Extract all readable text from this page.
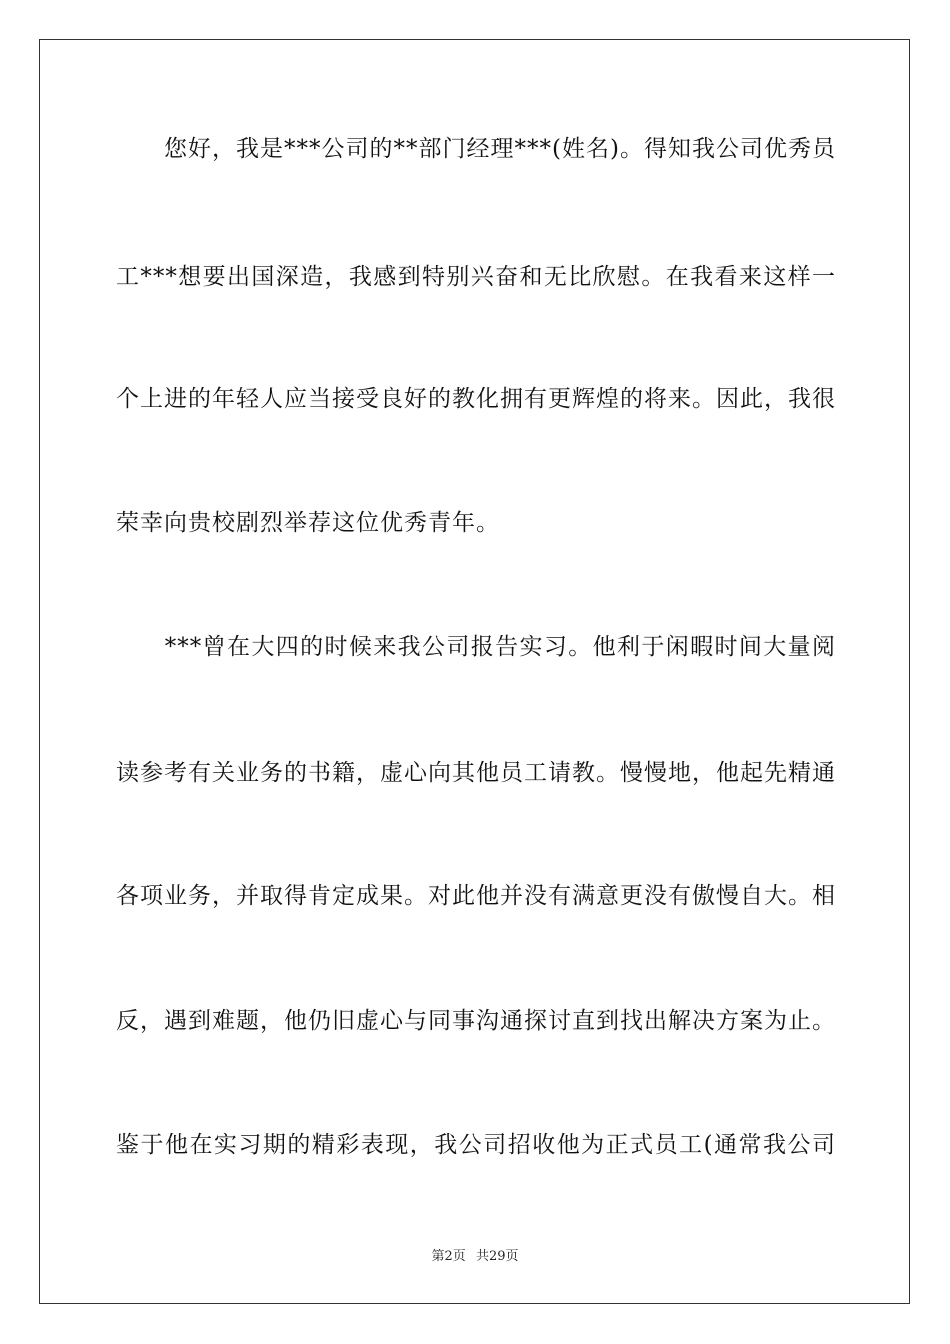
　　您好，我是***公司的**部门经理***(姓名)。得知我公司优秀员
工***想要出国深造，我感到特别兴奋和无比欣慰。在我看来这样一
个上进的年轻人应当接受良好的教化拥有更辉煌的将来。因此，我很
荣幸向贵校剧烈举荐这位优秀青年。
　　***曾在大四的时候来我公司报告实习。他利于闲暇时间大量阅
读参考有关业务的书籍，虚心向其他员工请教。慢慢地，他起先精通
各项业务，并取得肯定成果。对此他并没有满意更没有傲慢自大。相
反，遇到难题，他仍旧虚心与同事沟通探讨直到找出解决方案为止。
鉴于他在实习期的精彩表现，我公司招收他为正式员工(通常我公司
第2页 共29页
